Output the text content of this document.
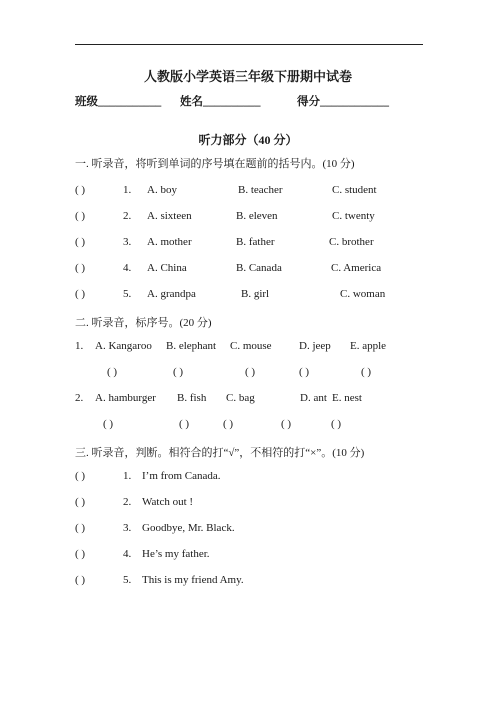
人教版小学英语三年级下册期中试卷
班级___________ 姓名__________	得分____________
听力部分（40 分）
一. 听录音，将听到单词的序号填在题前的括号内。(10 分)
( )	1. A. boy	B. teacher	C. student
( )	2. A. sixteen	B. eleven	C. twenty
( )	3. A. mother	B. father	C. brother
( )	4. A. China	B. Canada	C. America
( )	5. A. grandpa	B. girl	C. woman
二. 听录音，标序号。(20 分)
1. A. Kangaroo B. elephant C. mouse D. jeep E. apple
( )	( )	( )	( )	( )
2. A. hamburger B. fish C. bag	D. ant E. nest
( )	( )	( )	( )	( )
三. 听录音，判断。相符合的打“√”，不相符的打“×”。(10 分)
( )	1. I’m from Canada.
( )	2. Watch out !
( )	3. Goodbye, Mr. Black.
( )	4. He’s my father.
( )	5. This is my friend Amy.
